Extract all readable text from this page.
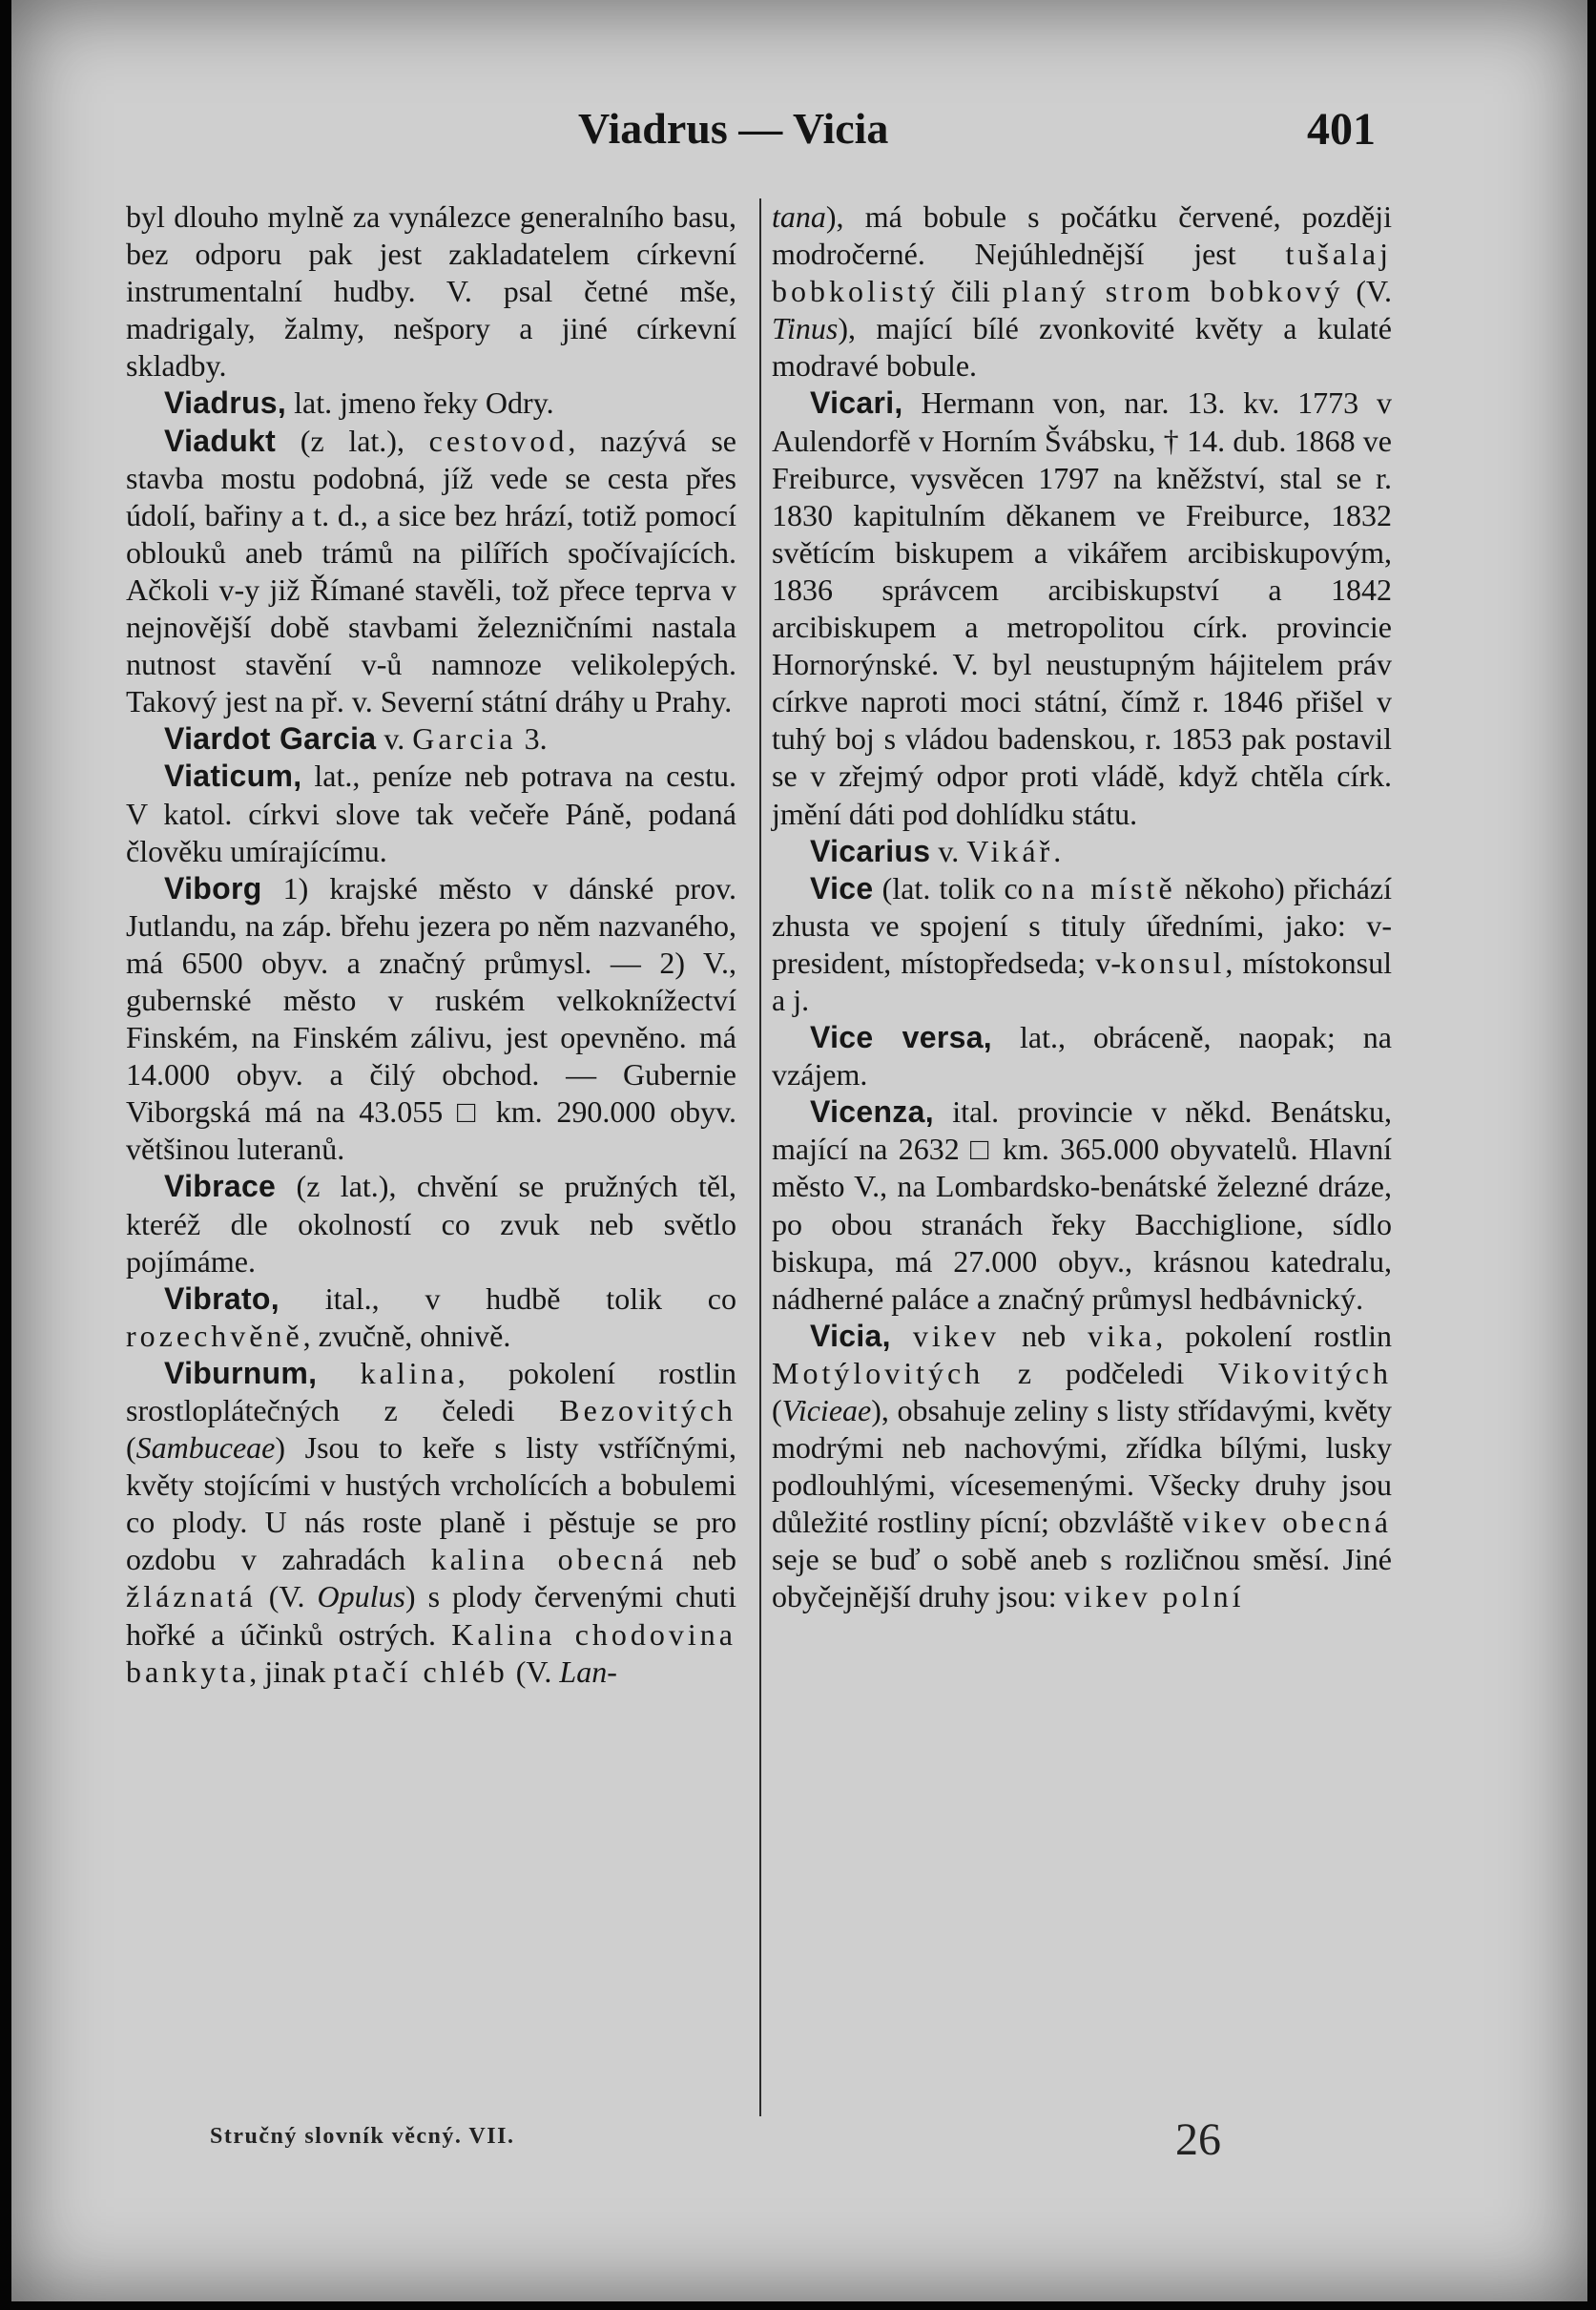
Viadrus — Vicia	401

byl dlouho mylně za vynálezce generalního basu, bez odporu pak jest zakladatelem církevní instrumentalní hudby. V. psal četné mše, madrigaly, žalmy, nešpory a jiné církevní skladby.

Viadrus, lat. jmeno řeky Odry.

Viadukt (z lat.), cestovod, nazývá se stavba mostu podobná, jíž vede se cesta přes údolí, bařiny a t. d., a sice bez hrází, totiž pomocí oblouků aneb trámů na pilířích spočívajících. Ačkoli v-y již Římané stavěli, tož přece teprva v nejnovější době stavbami železničními nastala nutnost stavění v-ů namnoze velikolepých. Takový jest na př. v. Severní státní dráhy u Prahy.

Viardot Garcia v. Garcia 3.

Viaticum, lat., peníze neb potrava na cestu. V katol. církvi slove tak večeře Páně, podaná člověku umírajícímu.

Viborg 1) krajské město v dánské prov. Jutlandu, na záp. břehu jezera po něm nazvaného, má 6500 obyv. a značný průmysl. — 2) V., gubernské město v ruském velkoknížectví Finském, na Finském zálivu, jest opevněno. má 14.000 obyv. a čilý obchod. — Gubernie Viborgská má na 43.055 □ km. 290.000 obyv. většinou luteranů.

Vibrace (z lat.), chvění se pružných těl, kteréž dle okolností co zvuk neb světlo pojímáme.

Vibrato, ital., v hudbě tolik co rozechvěně, zvučně, ohnivě.

Viburnum, kalina, pokolení rostlin srostloplátečných z čeledi Bezovitých (Sambuceae) Jsou to keře s listy vstříčnými, květy stojícími v hustých vrcholících a bobulemi co plody. U nás roste planě i pěstuje se pro ozdobu v zahradách kalina obecná neb žláznatá (V. Opulus) s plody červenými chuti hořké a účinků ostrých. Kalina chodovina bankyta, jinak ptačí chléb (V. Lan-

tana), má bobule s počátku červené, později modročerné. Nejúhlednější jest tušalaj bobkolistý čili planý strom bobkový (V. Tinus), mající bílé zvonkovité květy a kulaté modravé bobule.

Vicari, Hermann von, nar. 13. kv. 1773 v Aulendorfě v Horním Švábsku, † 14. dub. 1868 ve Freiburce, vysvěcen 1797 na kněžství, stal se r. 1830 kapitulním děkanem ve Freiburce, 1832 světícím biskupem a vikářem arcibiskupovým, 1836 správcem arcibiskupství a 1842 arcibiskupem a metropolitou círk. provincie Hornorýnské. V. byl neustupným hájitelem práv církve naproti moci státní, čímž r. 1846 přišel v tuhý boj s vládou badenskou, r. 1853 pak postavil se v zřejmý odpor proti vládě, když chtěla círk. jmění dáti pod dohlídku státu.

Vicarius v. Vikář.

Vice (lat. tolik co na místě někoho) přichází zhusta ve spojení s tituly úředními, jako: v-president, místopředseda; v-konsul, místokonsul a j.

Vice versa, lat., obráceně, naopak; na vzájem.

Vicenza, ital. provincie v někd. Benátsku, mající na 2632 □ km. 365.000 obyvatelů. Hlavní město V., na Lombardsko-benátské železné dráze, po obou stranách řeky Bacchiglione, sídlo biskupa, má 27.000 obyv., krásnou katedralu, nádherné paláce a značný průmysl hedbávnický.

Vicia, vikev neb vika, pokolení rostlin Motýlovitých z podčeledi Vikovitých (Vicieae), obsahuje zeliny s listy střídavými, květy modrými neb nachovými, zřídka bílými, lusky podlouhlými, vícesemenými. Všecky druhy jsou důležité rostliny pícní; obzvláště vikev obecná seje se buď o sobě aneb s rozličnou směsí. Jiné obyčejnější druhy jsou: vikev polní

Stručný slovník věcný. VII.	26
